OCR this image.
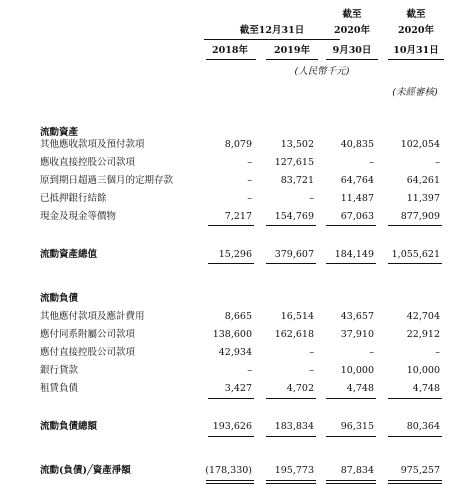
截至12月31日
截至
2020年
截至
2020年
2018年	2019年	9月30日	10月31日
(人民幣千元)
(未經審核)
流動資產
其他應收款項及預付款項	8,079	13,502	40,835	102,054
應收直接控股公司款項	–	127,615	–	–
原到期日超過三個月的定期存款	–	83,721	64,764	64,261
已抵押銀行結餘	–	–	11,487	11,397
現金及現金等價物	7,217	154,769	67,063	877,909
流動資產總值	15,296	379,607	184,149	1,055,621
流動負債
其他應付款項及應計費用	8,665	16,514	43,657	42,704
應付同系附屬公司款項	138,600	162,618	37,910	22,912
應付直接控股公司款項	42,934	–	–	–
銀行貸款	–	–	10,000	10,000
租賃負債	3,427	4,702	4,748	4,748
流動負債總額	193,626	183,834	96,315	80,364
流動(負債)╱資產淨額	(178,330)	195,773	87,834	975,257
